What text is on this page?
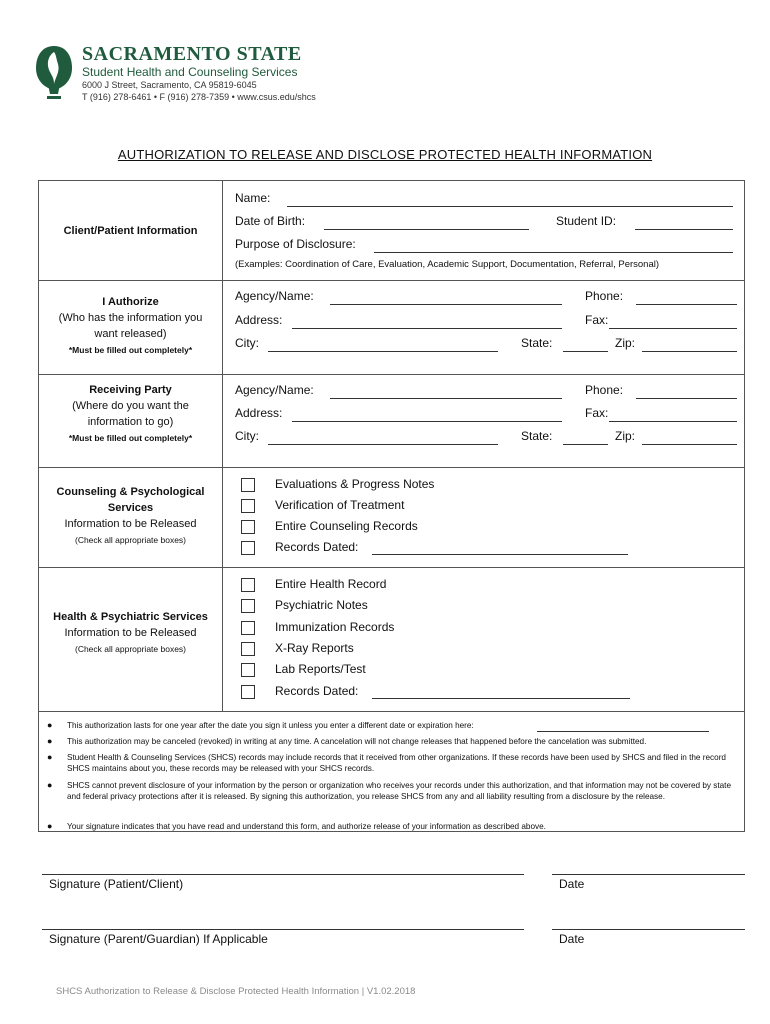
SACRAMENTO STATE
Student Health and Counseling Services
6000 J Street, Sacramento, CA 95819-6045
T (916) 278-6461 • F (916) 278-7359 • www.csus.edu/shcs
AUTHORIZATION TO RELEASE AND DISCLOSE PROTECTED HEALTH INFORMATION
Client/Patient Information
Name:
Date of Birth:	Student ID:
Purpose of Disclosure:
(Examples: Coordination of Care, Evaluation, Academic Support, Documentation, Referral, Personal)
I Authorize
(Who has the information you
want released)
*Must be filled out completely*
Agency/Name:	Phone:
Address:	Fax:
City:	State:	Zip:
Receiving Party
(Where do you want the
information to go)
*Must be filled out completely*
Agency/Name:	Phone:
Address:	Fax:
City:	State:	Zip:
Counseling & Psychological
Services
Information to be Released
(Check all appropriate boxes)
Evaluations & Progress Notes
Verification of Treatment
Entire Counseling Records
Records Dated:
Health & Psychiatric Services
Information to be Released
(Check all appropriate boxes)
Entire Health Record
Psychiatric Notes
Immunization Records
X-Ray Reports
Lab Reports/Test
Records Dated:
● This authorization lasts for one year after the date you sign it unless you enter a different date or expiration here:
● This authorization may be canceled (revoked) in writing at any time. A cancelation will not change releases that happened before the cancelation was submitted.
● Student Health & Counseling Services (SHCS) records may include records that it received from other organizations. If these records have been used by SHCS and filed in the record SHCS maintains about you, these records may be released with your SHCS records.
● SHCS cannot prevent disclosure of your information by the person or organization who receives your records under this authorization, and that information may not be covered by state and federal privacy protections after it is released. By signing this authorization, you release SHCS from any and all liability resulting from a disclosure by the release.
● Your signature indicates that you have read and understand this form, and authorize release of your information as described above.
Signature (Patient/Client)	Date
Signature (Parent/Guardian) If Applicable	Date
SHCS Authorization to Release & Disclose Protected Health Information | V1.02.2018
